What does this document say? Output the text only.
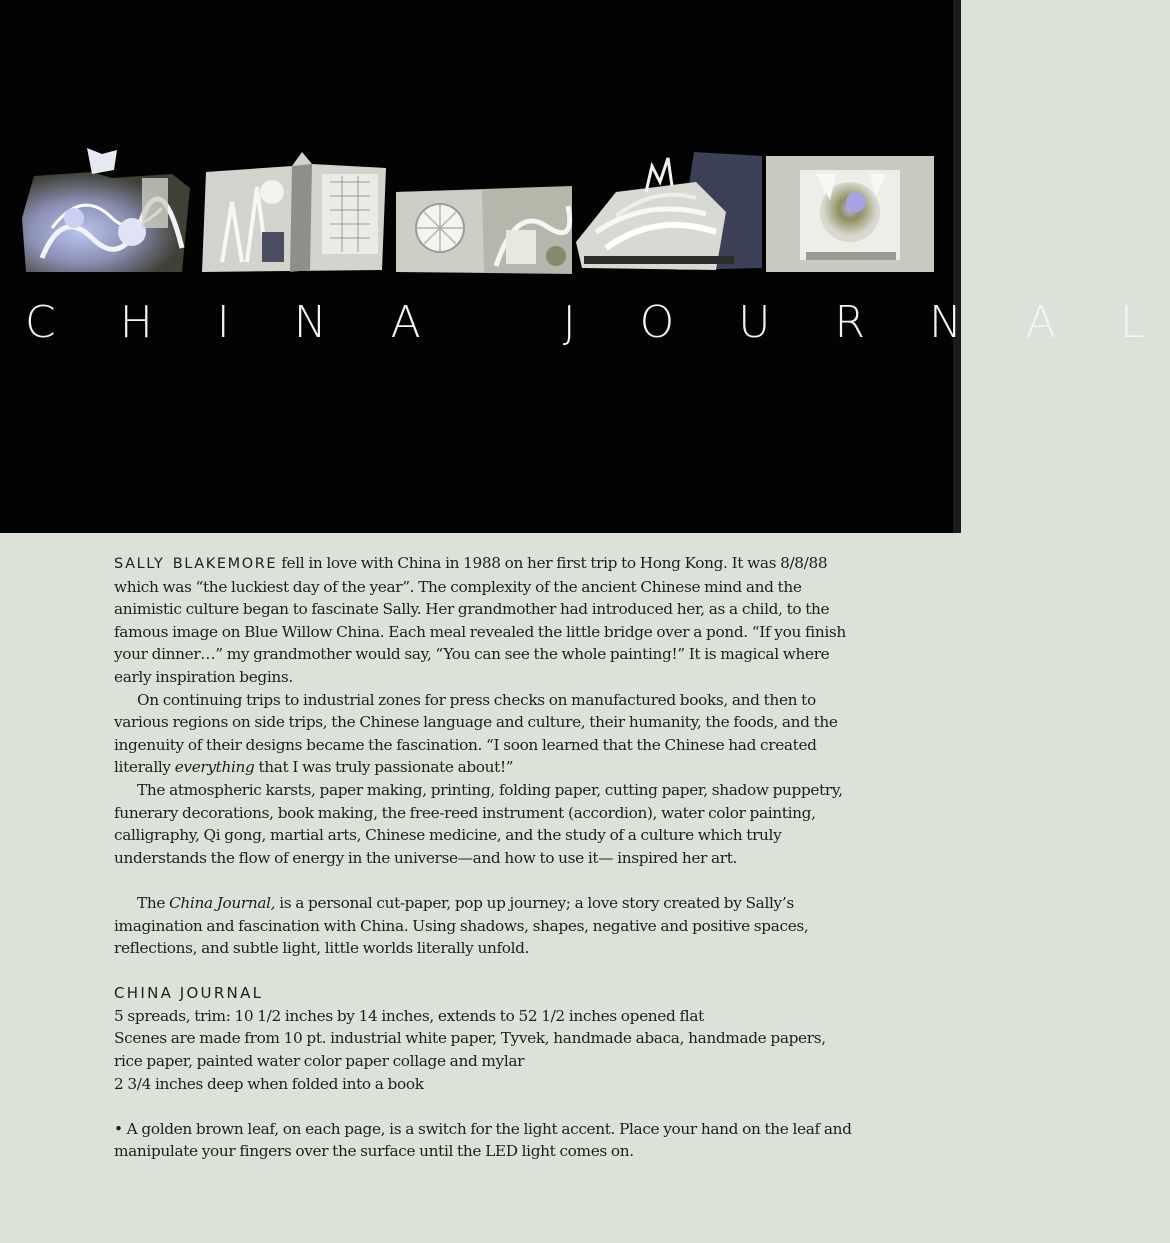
C H I N A   J O U R N A L

SALLY BLAKEMORE fell in love with China in 1988 on her first trip to Hong Kong. It was 8/8/88 which was “the luckiest day of the year”. The complexity of the ancient Chinese mind and the animistic culture began to fascinate Sally. Her grandmother had introduced her, as a child, to the famous image on Blue Willow China. Each meal revealed the little bridge over a pond. “If you finish your dinner…” my grandmother would say, “You can see the whole painting!” It is magical where early inspiration begins.

On continuing trips to industrial zones for press checks on manufactured books, and then to various regions on side trips, the Chinese language and culture, their humanity, the foods, and the ingenuity of their designs became the fascination. “I soon learned that the Chinese had created literally everything that I was truly passionate about!”

The atmospheric karsts, paper making, printing, folding paper, cutting paper, shadow puppetry, funerary decorations, book making, the free-reed instrument (accordion), water color painting, calligraphy, Qi gong, martial arts, Chinese medicine, and the study of a culture which truly understands the flow of energy in the universe—and how to use it— inspired her art.

The China Journal, is a personal cut-paper, pop up journey; a love story created by Sally’s imagination and fascination with China. Using shadows, shapes, negative and positive spaces, reflections, and subtle light, little worlds literally unfold.

CHINA JOURNAL

5 spreads, trim: 10 1/2 inches by 14 inches, extends to 52 1/2 inches opened flat

Scenes are made from 10 pt. industrial white paper, Tyvek, handmade abaca, handmade papers, rice paper, painted water color paper collage and mylar

2 3/4 inches deep when folded into a book

• A golden brown leaf, on each page, is a switch for the light accent. Place your hand on the leaf and manipulate your fingers over the surface until the LED light comes on.
